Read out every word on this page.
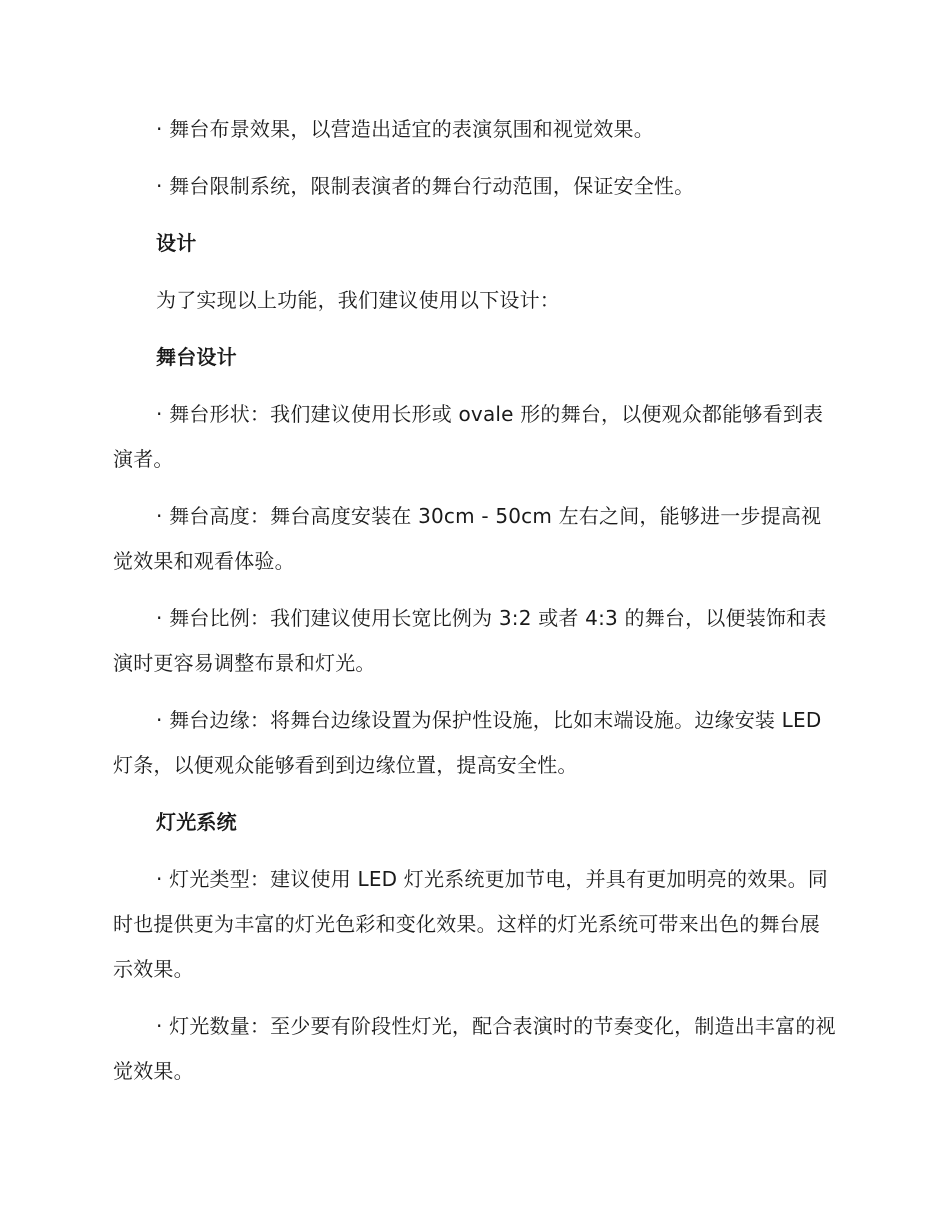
· 舞台布景效果，以营造出适宜的表演氛围和视觉效果。

· 舞台限制系统，限制表演者的舞台行动范围，保证安全性。

设计

为了实现以上功能，我们建议使用以下设计：

舞台设计

· 舞台形状：我们建议使用长形或 ovale 形的舞台，以便观众都能够看到表演者。

· 舞台高度：舞台高度安装在 30cm - 50cm 左右之间，能够进一步提高视觉效果和观看体验。

· 舞台比例：我们建议使用长宽比例为 3:2 或者 4:3 的舞台，以便装饰和表演时更容易调整布景和灯光。

· 舞台边缘：将舞台边缘设置为保护性设施，比如末端设施。边缘安装 LED 灯条，以便观众能够看到到边缘位置，提高安全性。

灯光系统

· 灯光类型：建议使用 LED 灯光系统更加节电，并具有更加明亮的效果。同时也提供更为丰富的灯光色彩和变化效果。这样的灯光系统可带来出色的舞台展示效果。

· 灯光数量：至少要有阶段性灯光，配合表演时的节奏变化，制造出丰富的视觉效果。
